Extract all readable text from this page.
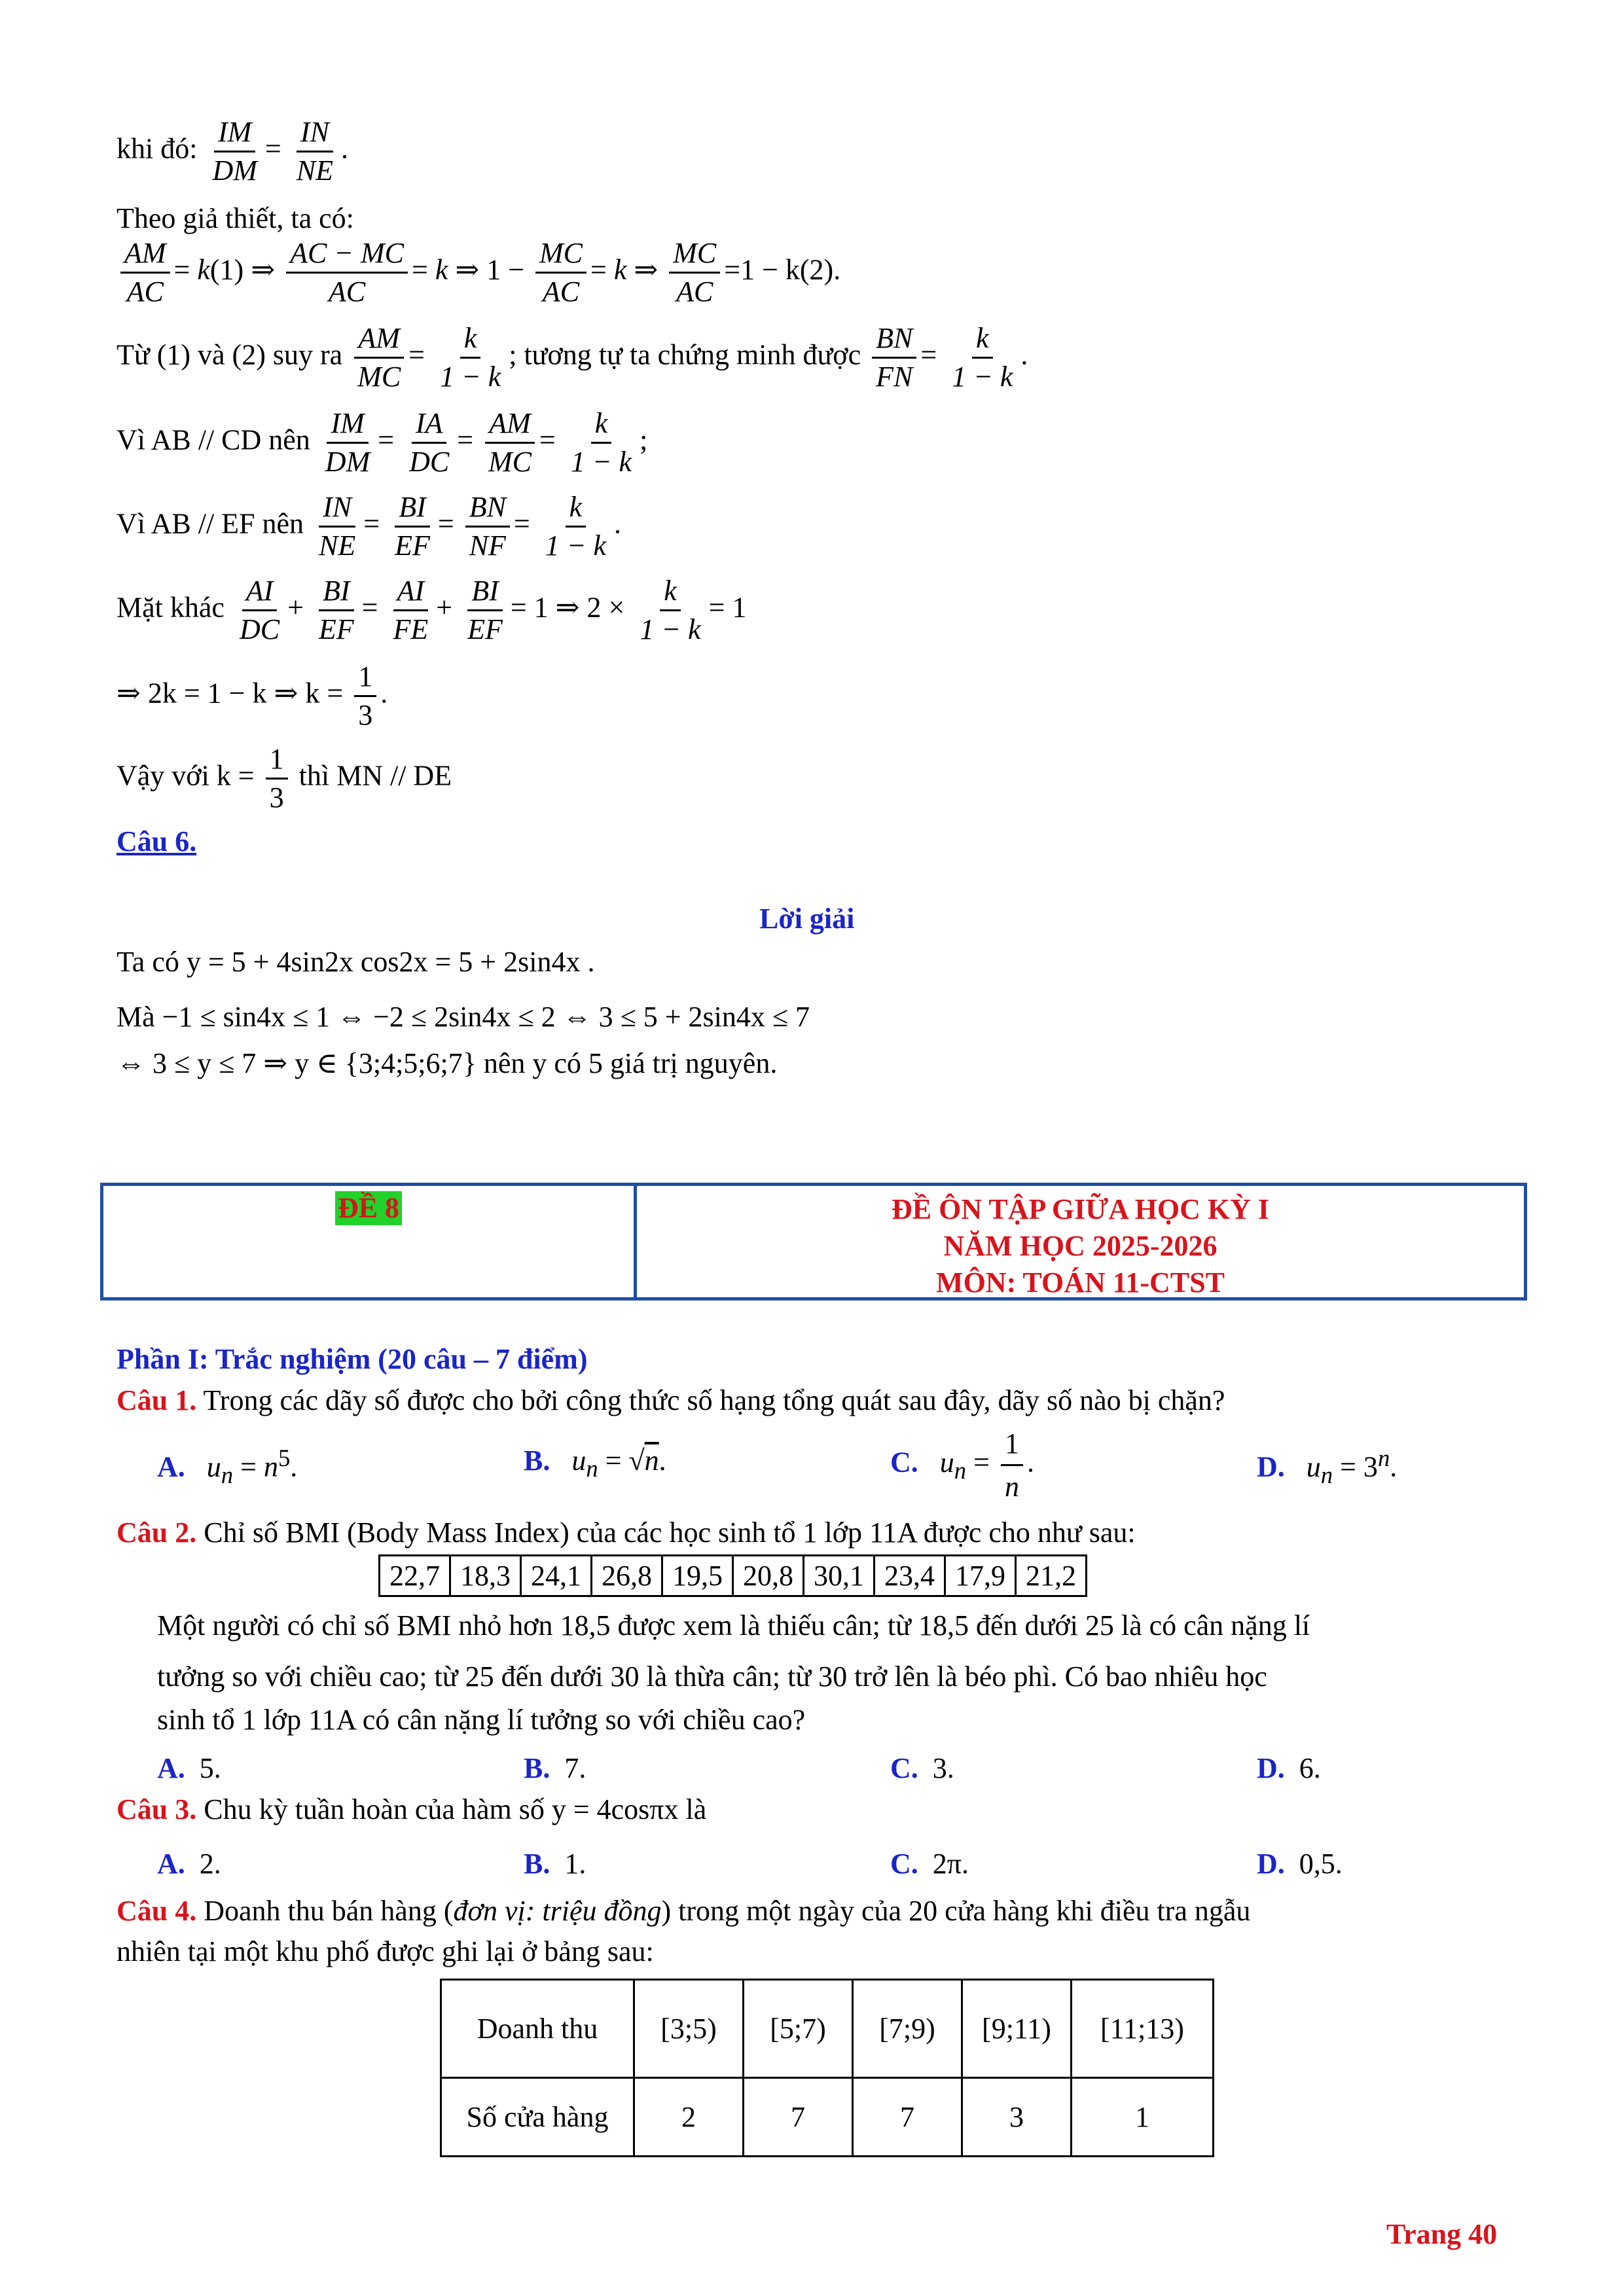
khi đó: $\frac{IM}{DM} = \frac{IN}{NE}$ .
Theo giả thiết, ta có:
$\frac{AM}{AC} = k(1)$ ⇒ $\frac{AC - MC}{AC} = k$ ⇒ $1 - \frac{MC}{AC} = k$ ⇒ $\frac{MC}{AC} =1 - k(2)$.
Từ (1) và (2) suy ra $\frac{AM}{MC} = \frac{k}{1 - k}$ ; tương tự ta chứng minh được $\frac{BN}{FN} = \frac{k}{1 - k}$ .
Vì AB // CD nên $\frac{IM}{DM} = \frac{IA}{DC} = \frac{AM}{MC} = \frac{k}{1 - k}$ ;
Vì AB // EF nên $\frac{IN}{NE} = \frac{BI}{EF} = \frac{BN}{NF} = \frac{k}{1 - k}$ .
Mặt khác $\frac{AI}{DC} + \frac{BI}{EF} = \frac{AI}{FE} + \frac{BI}{EF} = 1$ ⇒ $2 \times \frac{k}{1 - k} = 1$
⇒ 2k = 1 − k ⇒ $k = \frac{1}{3}$ .
Vậy với $k = \frac{1}{3}$ thì MN // DE
Câu 6.
Lời giải
Ta có y = 5 + 4sin2x cos2x = 5 + 2sin4x .
Mà −1 ≤ sin4x ≤ 1 ⇔ −2 ≤ 2sin4x ≤ 2 ⇔ 3 ≤ 5 + 2sin4x ≤ 7
⇔ 3 ≤ y ≤ 7 ⇒ y ∈ {3;4;5;6;7} nên y có 5 giá trị nguyên.
ĐỀ 8	ĐỀ ÔN TẬP GIỮA HỌC KỲ I
NĂM HỌC 2025-2026
MÔN: TOÁN 11-CTST
Phần I: Trắc nghiệm (20 câu – 7 điểm)
Câu 1. Trong các dãy số được cho bởi công thức số hạng tổng quát sau đây, dãy số nào bị chặn?
A. $u_n = n^5$.	B. $u_n = √n$.	C. $u_n = \frac{1}{n}$ .	D. $u_n = 3^n$.
Câu 2. Chỉ số BMI (Body Mass Index) của các học sinh tổ 1 lớp 11A được cho như sau:
22,7	18,3	24,1	26,8	19,5	20,8	30,1	23,4	17,9	21,2
Một người có chỉ số BMI nhỏ hơn 18,5 được xem là thiếu cân; từ 18,5 đến dưới 25 là có cân nặng lí
tưởng so với chiều cao; từ 25 đến dưới 30 là thừa cân; từ 30 trở lên là béo phì. Có bao nhiêu học
sinh tổ 1 lớp 11A có cân nặng lí tưởng so với chiều cao?
A. 5.	B. 7.	C. 3.	D. 6.
Câu 3. Chu kỳ tuần hoàn của hàm số y = 4cosπx là
A. 2.	B. 1.	C. 2π.	D. 0,5.
Câu 4. Doanh thu bán hàng (đơn vị: triệu đồng) trong một ngày của 20 cửa hàng khi điều tra ngẫu
nhiên tại một khu phố được ghi lại ở bảng sau:
Doanh thu	[3;5)	[5;7)	[7;9)	[9;11)	[11;13)
Số cửa hàng	2	7	7	3	1
Trang 40
